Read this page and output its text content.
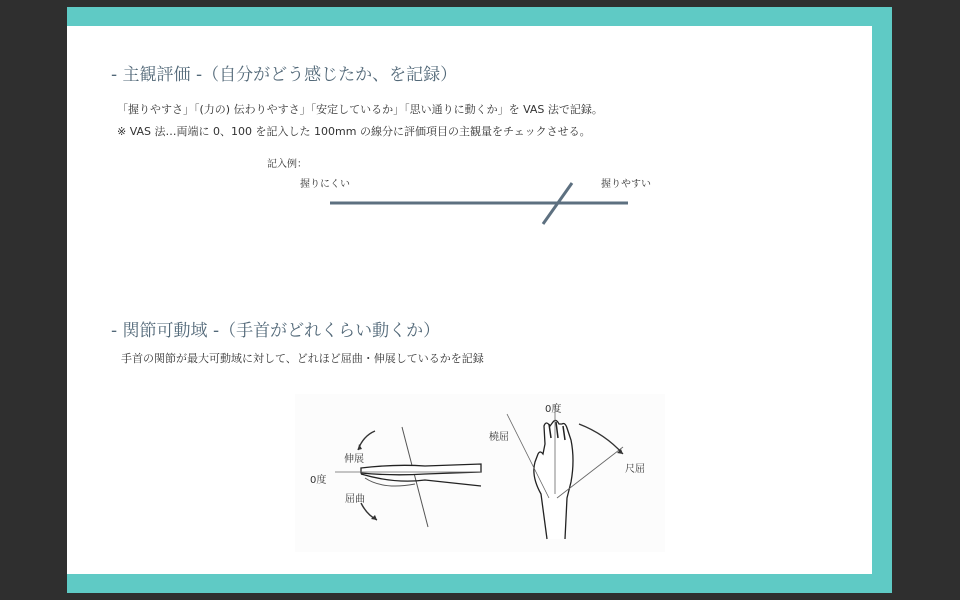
- 主観評価 -（自分がどう感じたか、を記録）

「握りやすさ」「(力の) 伝わりやすさ」「安定しているか」「思い通りに動くか」を VAS 法で記録。

※ VAS 法…両端に 0、100 を記入した 100mm の線分に評価項目の主観量をチェックさせる。

記入例：
握りにくい	握りやすい
- 関節可動域 -（手首がどれくらい動くか）

手首の関節が最大可動域に対して、どれほど屈曲・伸展しているかを記録

伸展
0度
屈曲
0度
橈屈
尺屈
